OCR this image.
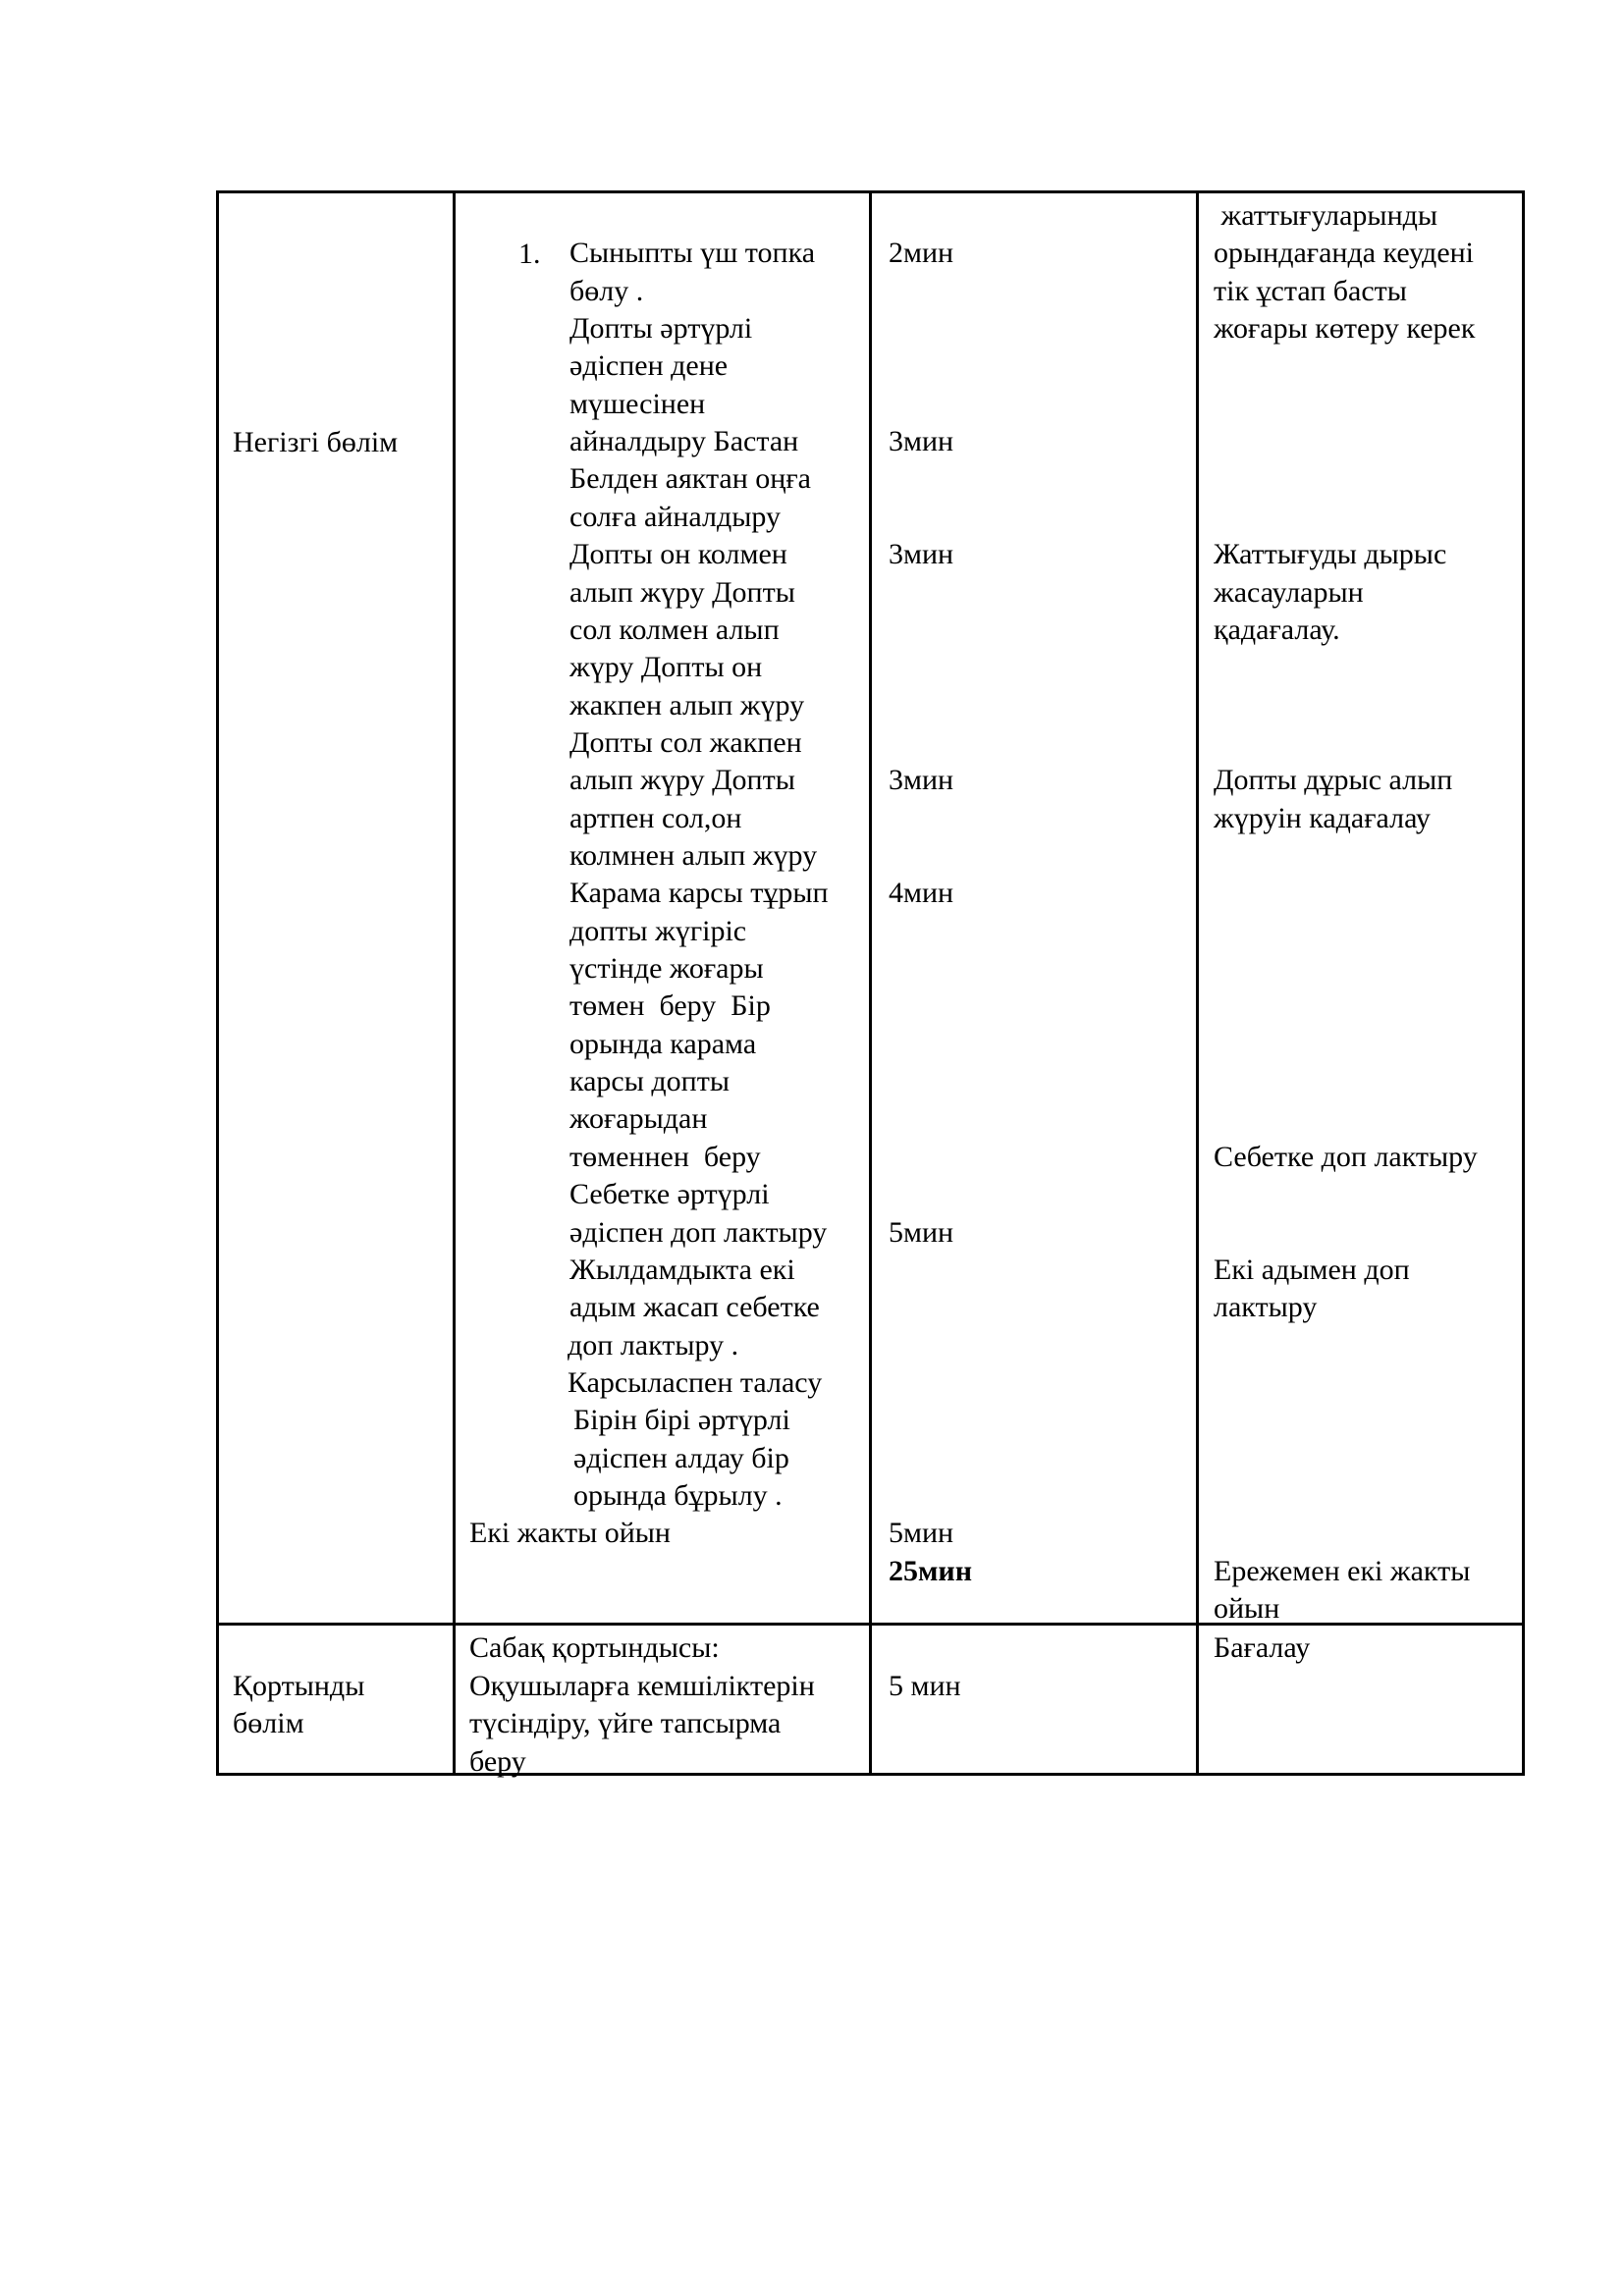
Негізгі бөлім
1. Сыныпты үш топка
бөлу .
Допты әртүрлі
әдіспен дене
мүшесінен
айналдыру Бастан
Белден аяктан оңға
солға айналдыру
Допты он колмен
алып жүру Допты
сол колмен алып
жүру Допты он
жакпен алып жүру
Допты сол жакпен
алып жүру Допты
артпен сол,он
колмнен алып жүру
Карама карсы тұрып
допты жүгіріс
үстінде жоғары
төмен  беру  Бір
орында карама
карсы допты
жоғарыдан
төменнен  беру
Себетке әртүрлі
әдіспен доп лактыру
Жылдамдыкта екі
адым жасап себетке
доп лактыру .
Карсыласпен таласу
Бірін бірі әртүрлі
әдіспен алдау бір
орында бұрылу .
Екі жакты ойын
2мин
3мин
3мин
3мин
4мин
5мин
5мин
25мин
жаттығуларынды
орындағанда кеудені
тік ұстап басты
жоғары көтеру керек
Жаттығуды дырыс
жасауларын
қадағалау.
Допты дұрыс алып
жүруін кадағалау
Себетке доп лактыру
Екі адымен доп
лактыру
Ережемен екі жакты
ойын
Қортынды
бөлім
Сабақ қортындысы:
Оқушыларға кемшіліктерін
түсіндіру, үйге тапсырма
беру
5 мин
Бағалау
